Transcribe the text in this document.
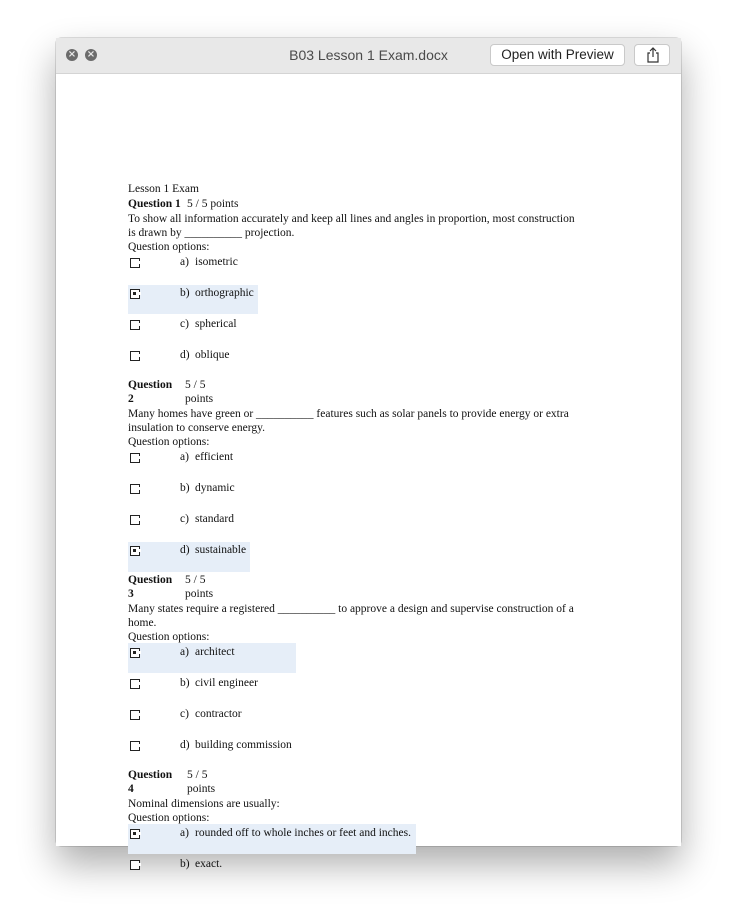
× ×	B03 Lesson 1 Exam.docx	Open with Preview
Lesson 1 Exam
Question 1 5 / 5 points
To show all information accurately and keep all lines and angles in proportion, most construction
is drawn by __________ projection.
Question options:
a) isometric
b) orthographic
c) spherical
d) oblique
Question 5 / 5
2	points
Many homes have green or __________ features such as solar panels to provide energy or extra
insulation to conserve energy.
Question options:
a) efficient
b) dynamic
c) standard
d) sustainable
Question 5 / 5
3	points
Many states require a registered __________ to approve a design and supervise construction of a
home.
Question options:
a) architect
b) civil engineer
c) contractor
d) building commission
Question 5 / 5
4	points
Nominal dimensions are usually:
Question options:
a) rounded off to whole inches or feet and inches.
b) exact.
